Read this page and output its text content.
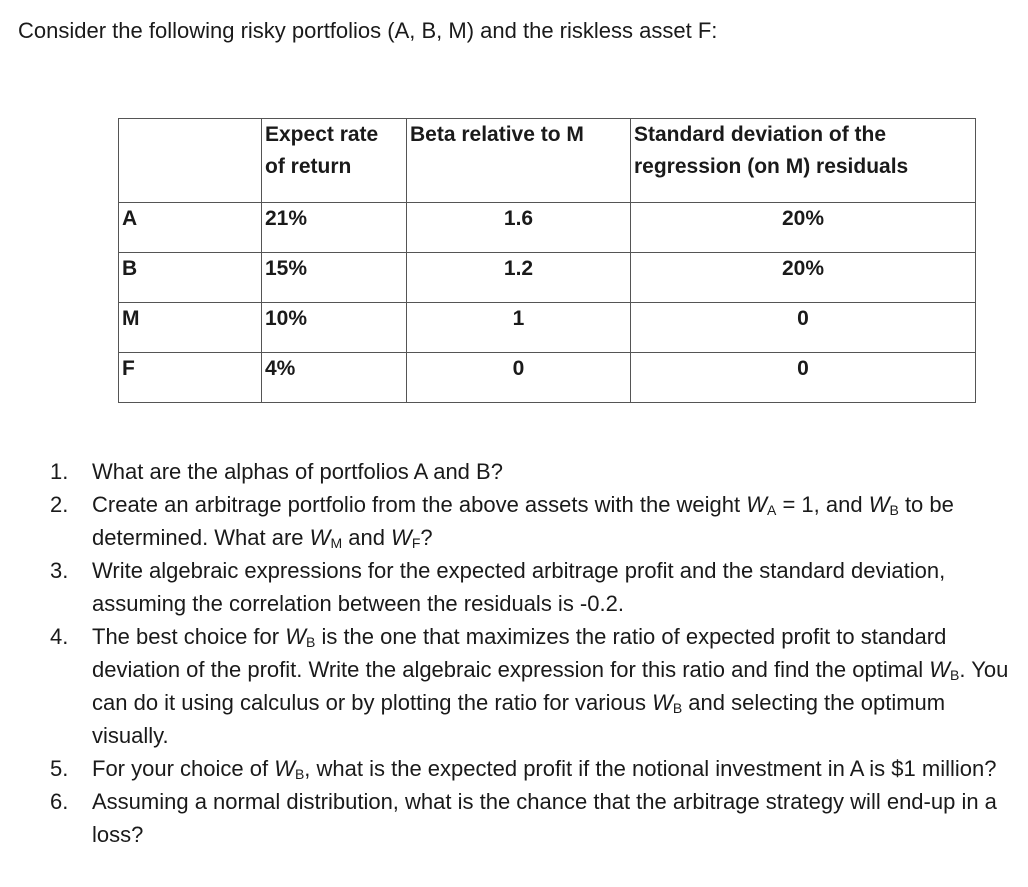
Consider the following risky portfolios (A, B, M) and the riskless asset F:
	Expect rate of return	Beta relative to M	Standard deviation of the regression (on M) residuals
A	21%	1.6	20%
B	15%	1.2	20%
M	10%	1	0
F	4%	0	0
1.	What are the alphas of portfolios A and B?
2.	Create an arbitrage portfolio from the above assets with the weight $W_A = 1$, and $W_B$ to be determined. What are $W_M$ and $W_F$?
3.	Write algebraic expressions for the expected arbitrage profit and the standard deviation, assuming the correlation between the residuals is -0.2.
4.	The best choice for $W_B$ is the one that maximizes the ratio of expected profit to standard deviation of the profit. Write the algebraic expression for this ratio and find the optimal $W_B$. You can do it using calculus or by plotting the ratio for various $W_B$ and selecting the optimum visually.
5.	For your choice of $W_B$, what is the expected profit if the notional investment in A is $1 million?
6.	Assuming a normal distribution, what is the chance that the arbitrage strategy will end-up in a loss?
